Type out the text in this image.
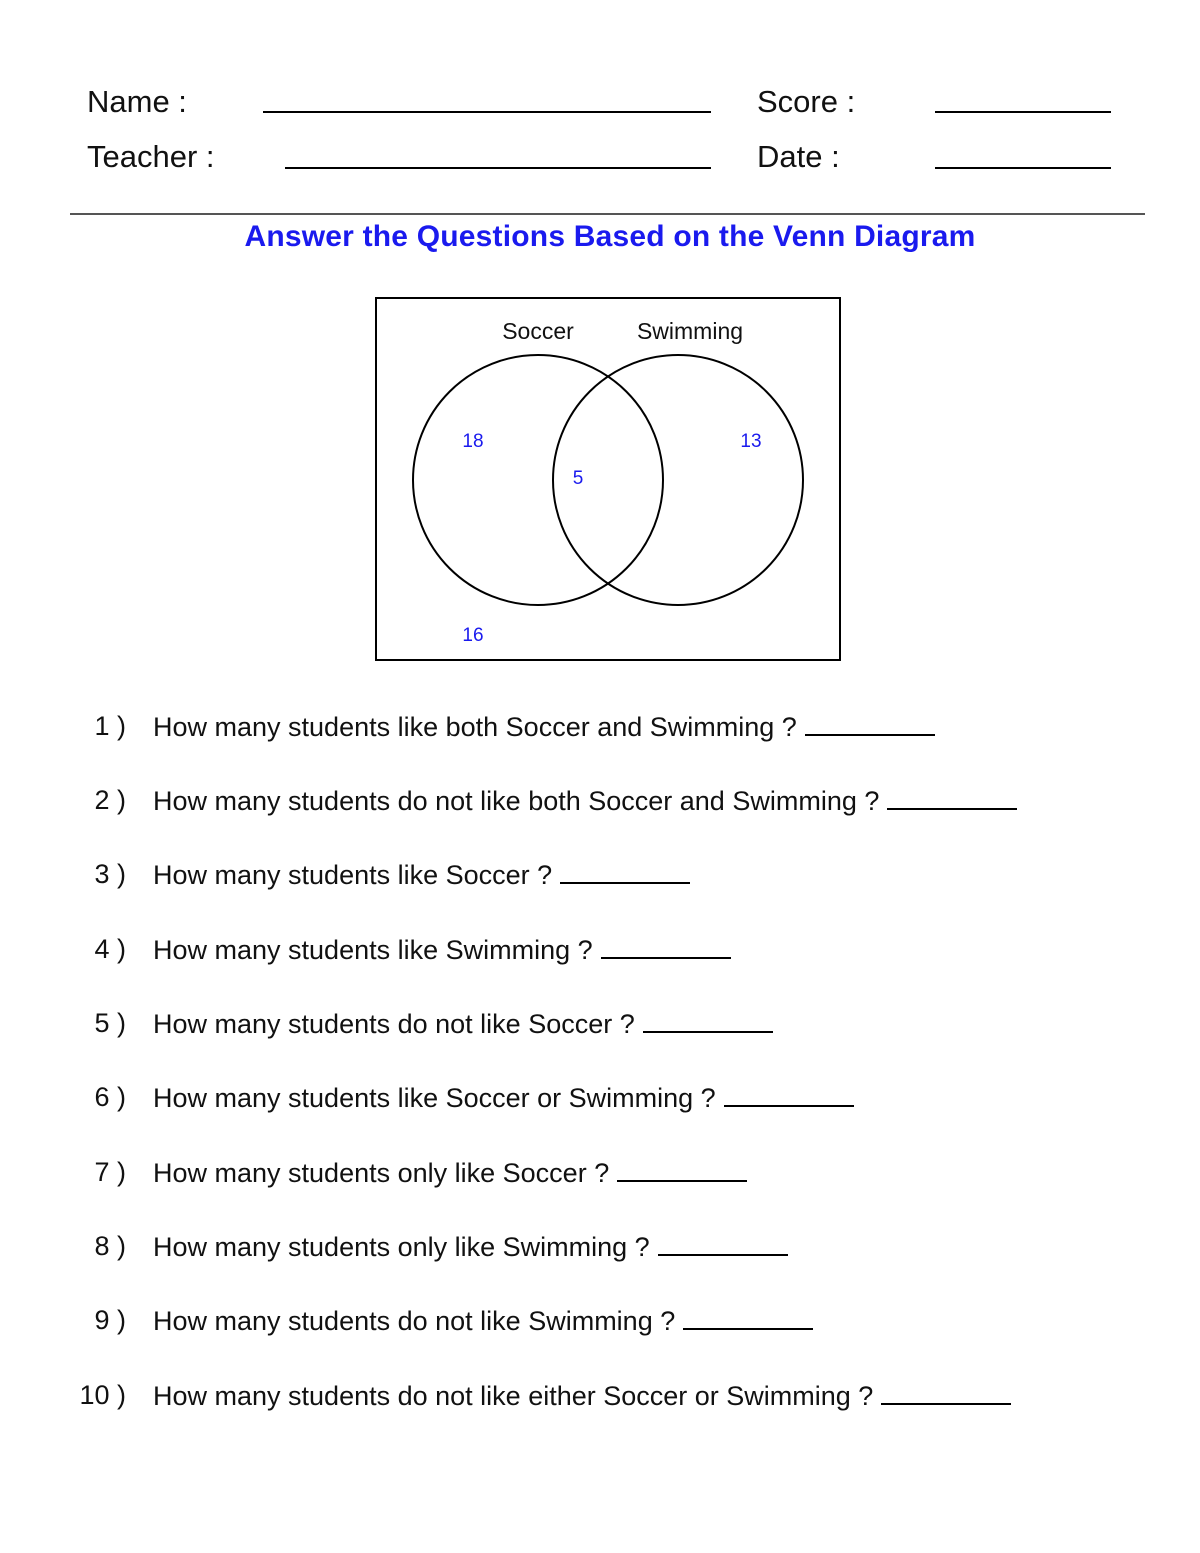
Name :	Score :
Teacher :	Date :
Answer the Questions Based on the Venn Diagram
Soccer	Swimming
18
5
13
16
1 ) How many students like both Soccer and Swimming ?
2 ) How many students do not like both Soccer and Swimming ?
3 ) How many students like Soccer ?
4 ) How many students like Swimming ?
5 ) How many students do not like Soccer ?
6 ) How many students like Soccer or Swimming ?
7 ) How many students only like Soccer ?
8 ) How many students only like Swimming ?
9 ) How many students do not like Swimming ?
10 ) How many students do not like either Soccer or Swimming ?
